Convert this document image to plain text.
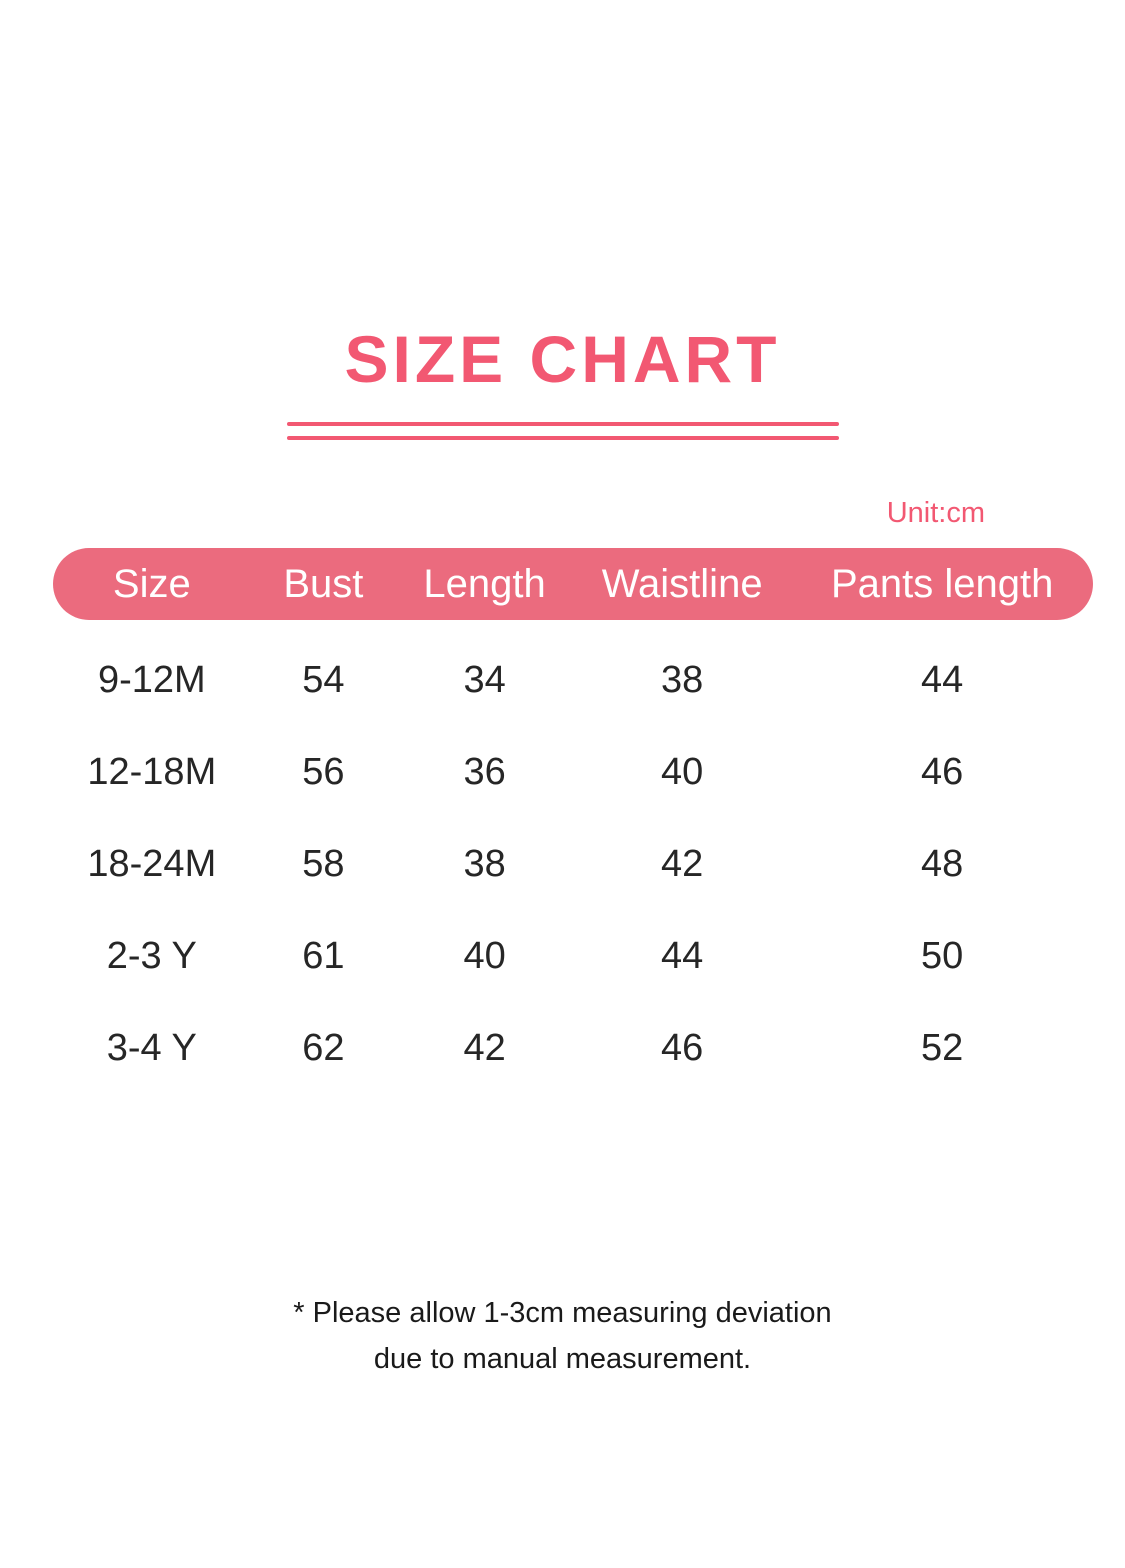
SIZE CHART
Unit:cm
Size	Bust	Length	Waistline	Pants length
9-12M	54	34	38	44
12-18M	56	36	40	46
18-24M	58	38	42	48
2-3 Y	61	40	44	50
3-4 Y	62	42	46	52
* Please allow 1-3cm measuring deviation
due to manual measurement.
